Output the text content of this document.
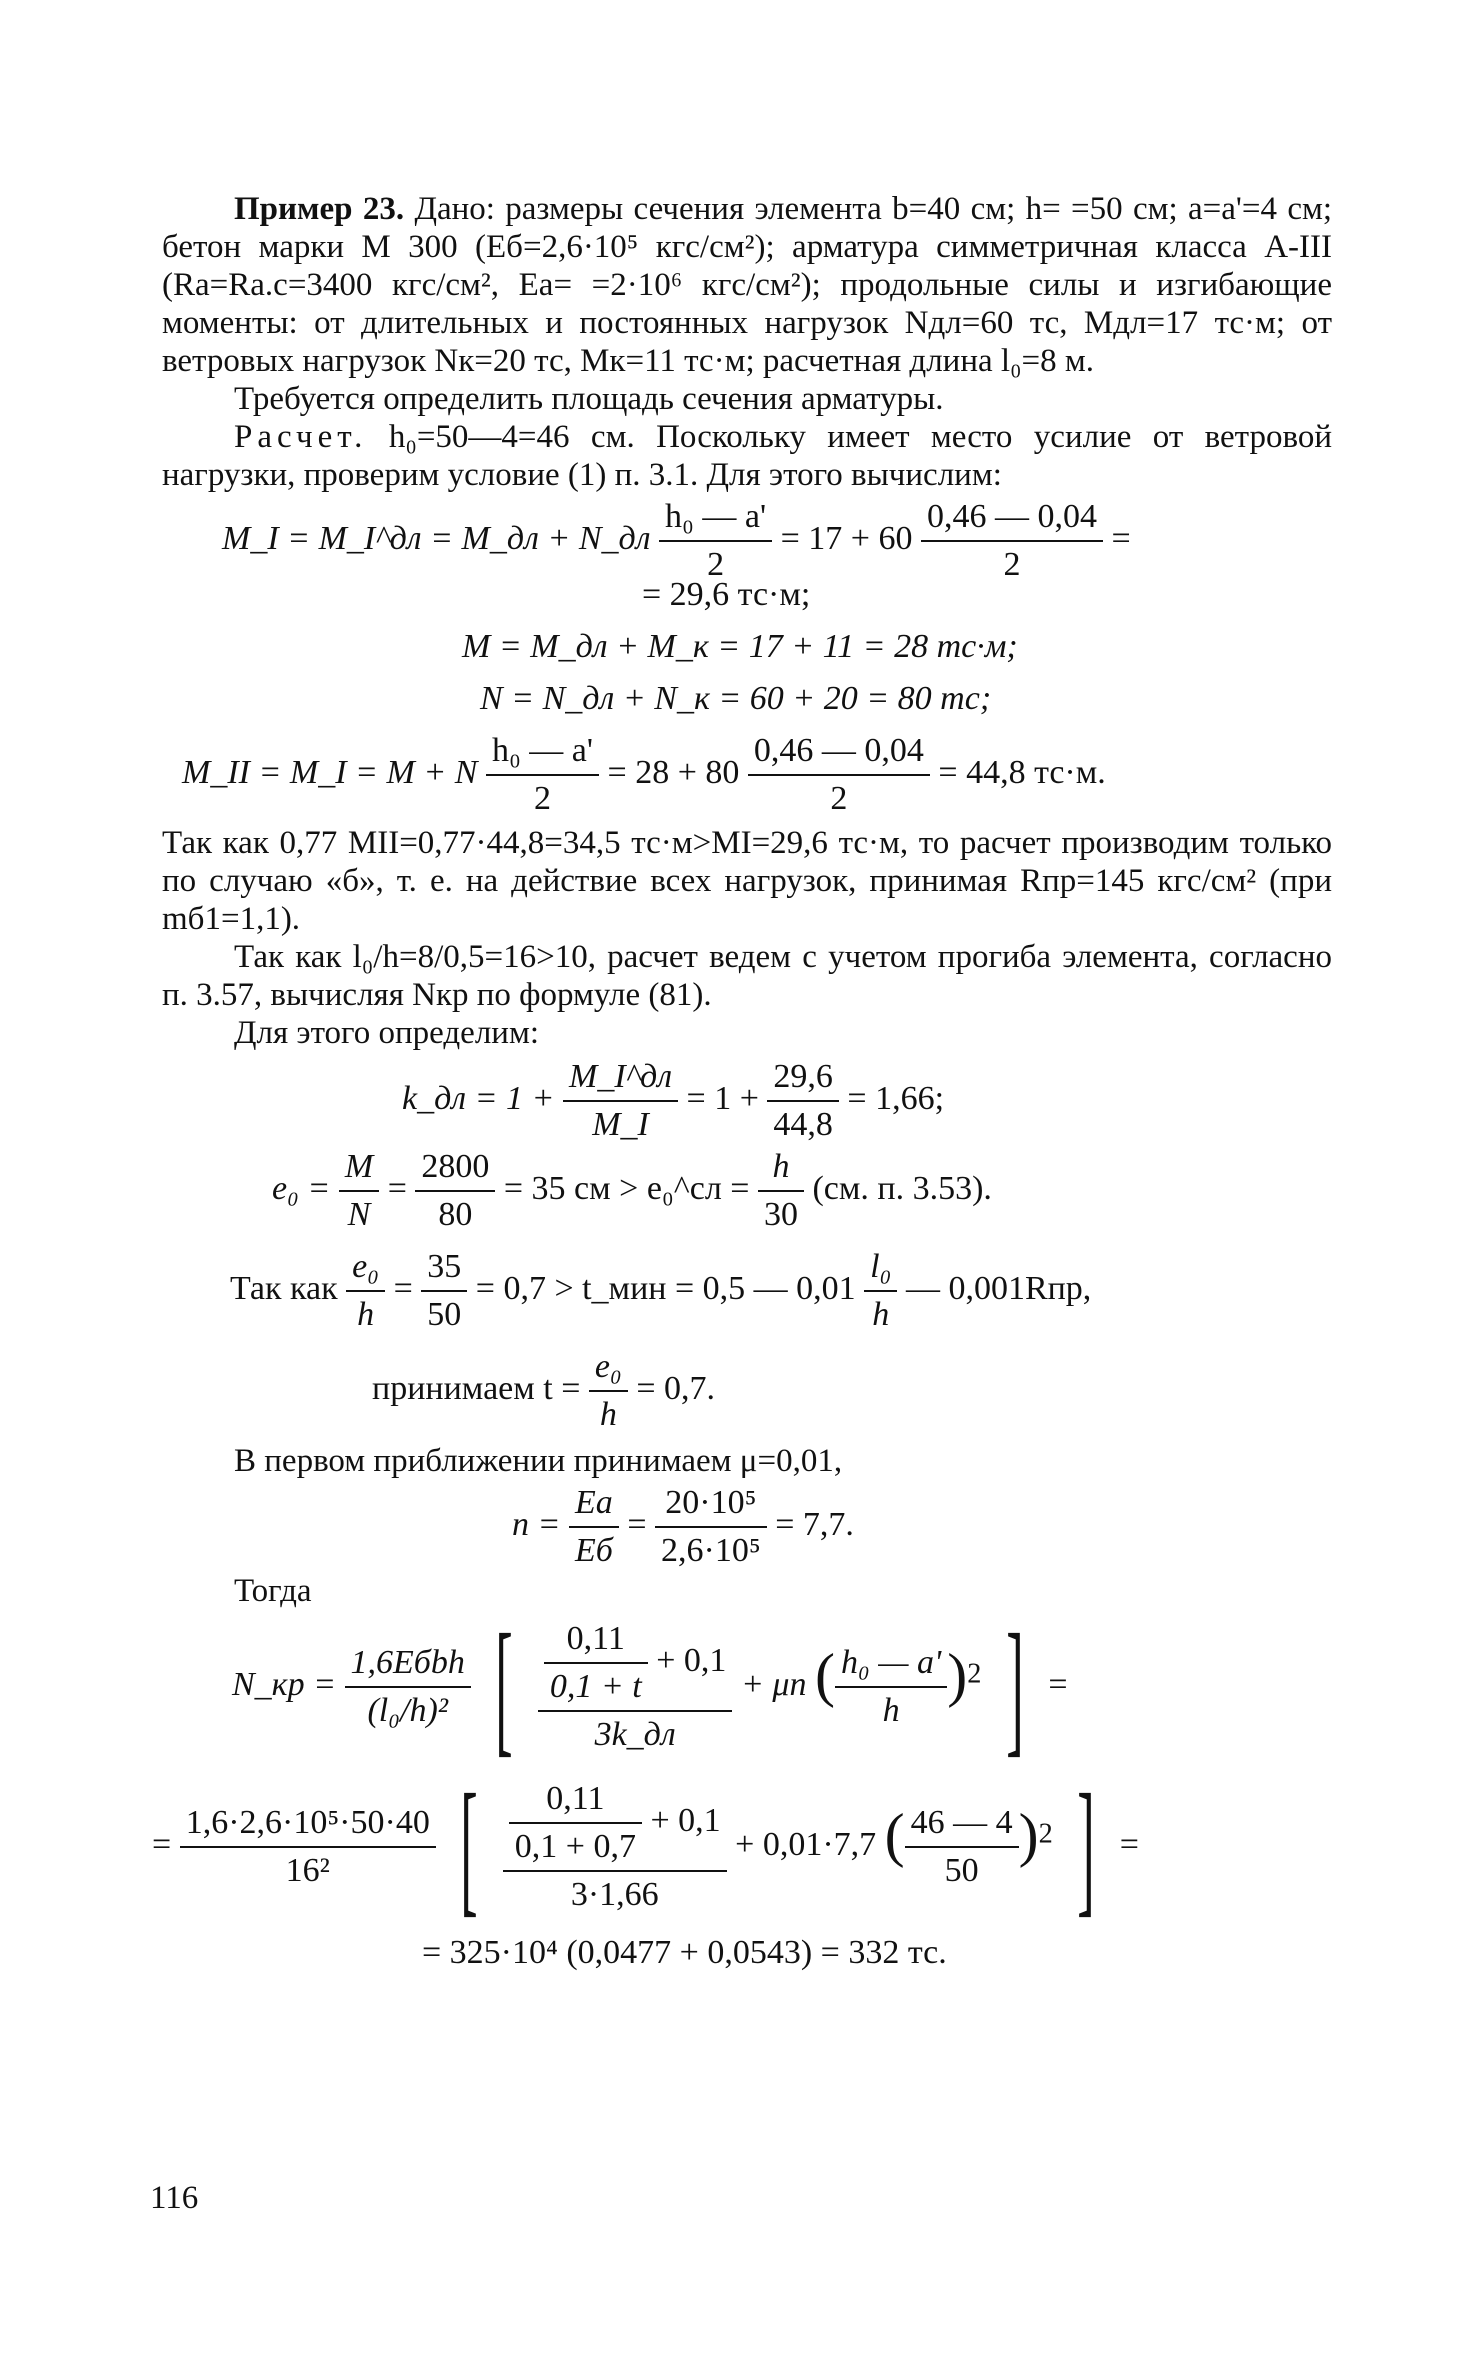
Пример 23. Дано: размеры сечения элемента b=40 см; h= =50 см; a=a'=4 см; бетон марки М 300 (Eб=2,6·10⁵ кгс/см²); арматура симметричная класса А-III (Ra=Ra.c=3400 кгс/см², Ea= =2·10⁶ кгс/см²); продольные силы и изгибающие моменты: от длительных и постоянных нагрузок Nдл=60 тс, Mдл=17 тс·м; от ветровых нагрузок Nк=20 тс, Mк=11 тс·м; расчетная длина l₀=8 м.

Требуется определить площадь сечения арматуры.

Расчет. h₀=50—4=46 см. Поскольку имеет место усилие от ветровой нагрузки, проверим условие (1) п. 3.1. Для этого вычислим:

M_I = M_I^дл = M_дл + N_дл $\frac{\text{h₀ — a'}}{2} = 17 + 60 \frac{0,46 — 0,04}{2}$ =
= 29,6 тс·м;
M = M_дл + M_к = 17 + 11 = 28 тс·м;
N = N_дл + N_к = 60 + 20 = 80 тс;
M_II = M_I = M + N $\frac{\text{h₀ — a'}}{2} = 28 + 80 \frac{0,46 — 0,04}{2} = 44,8$ тс·м.

Так как 0,77 MII=0,77·44,8=34,5 тс·м>MI=29,6 тс·м, то расчет производим только по случаю «б», т. е. на действие всех нагрузок, принимая Rпр=145 кгс/см² (при mб1=1,1).

Так как l₀/h=8/0,5=16>10, расчет ведем с учетом прогиба элемента, согласно п. 3.57, вычисляя Nкр по формуле (81).

Для этого определим:

k_дл = $1 + \frac{M\_I\^{}дл}{M\_I} = 1 + \frac{29,6}{44,8} = 1,66$;
$e_0 = \frac{M}{N} = \frac{2800}{80} = 35$ см > e₀^сл = $\frac{h}{30} (см$. п. 3.53).
Так как $\frac{\text{e₀}}{h} = \frac{35}{50} = 0,7$ > t_мин = 0,5 — $0,01 \frac{\text{l₀}}{h}$ — 0,001Rпр,
принимаем $t = \frac{\text{e₀}}{h} = 0,7$.

В первом приближении принимаем μ=0,01,

$n = \frac{Ea}{Eб} = \frac{\text{20·10⁵}}{\text{2,6·10⁵}} = 7,7$.

Тогда

N_кр = $\frac{\text{1,6Eбbh}}{\text{(l₀/h)²}}$ [ $\frac{\frac{0,11}{0,1 + t} + 0,1}{3k\_дл} + \mu n$ ( $\frac{\text{h₀ — a'}}{h} )^2$ ] =
= $\frac{\text{1,6·2,6·10⁵·50·40}}{\text{16²}}$ [ $\frac{\frac{0,11}{0,1 + 0,7} + 0,1}{3\cdot 1,66} + 0,01\cdot 7,7$ ( $\frac{46 — 4}{50} )^2$ ] =
= 325·10⁴ (0,0477 + 0,0543) = 332 тс.
116
